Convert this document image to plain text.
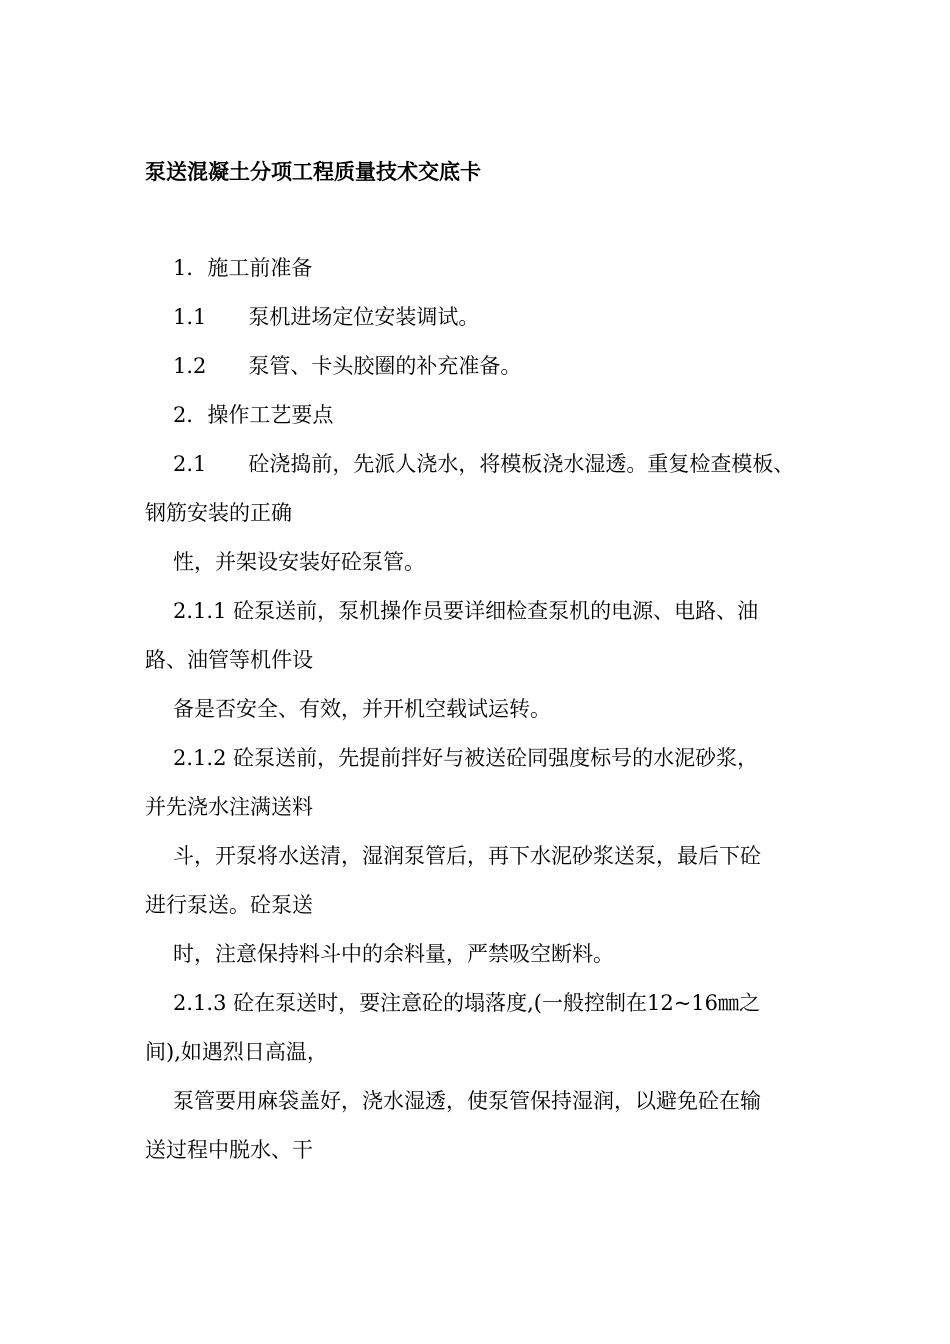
泵送混凝土分项工程质量技术交底卡

1．施工前准备

1.1　　泵机进场定位安装调试。

1.2　　泵管、卡头胶圈的补充准备。

2．操作工艺要点

2.1　　砼浇捣前，先派人浇水，将模板浇水湿透。重复检查模板、

钢筋安装的正确

性，并架设安装好砼泵管。

2.1.1 砼泵送前，泵机操作员要详细检查泵机的电源、电路、油

路、油管等机件设

备是否安全、有效，并开机空载试运转。

2.1.2 砼泵送前，先提前拌好与被送砼同强度标号的水泥砂浆，

并先浇水注满送料

斗，开泵将水送清，湿润泵管后，再下水泥砂浆送泵，最后下砼

进行泵送。砼泵送

时，注意保持料斗中的余料量，严禁吸空断料。

2.1.3 砼在泵送时，要注意砼的塌落度,(一般控制在12~16㎜之

间),如遇烈日高温，

泵管要用麻袋盖好，浇水湿透，使泵管保持湿润，以避免砼在输

送过程中脱水、干
